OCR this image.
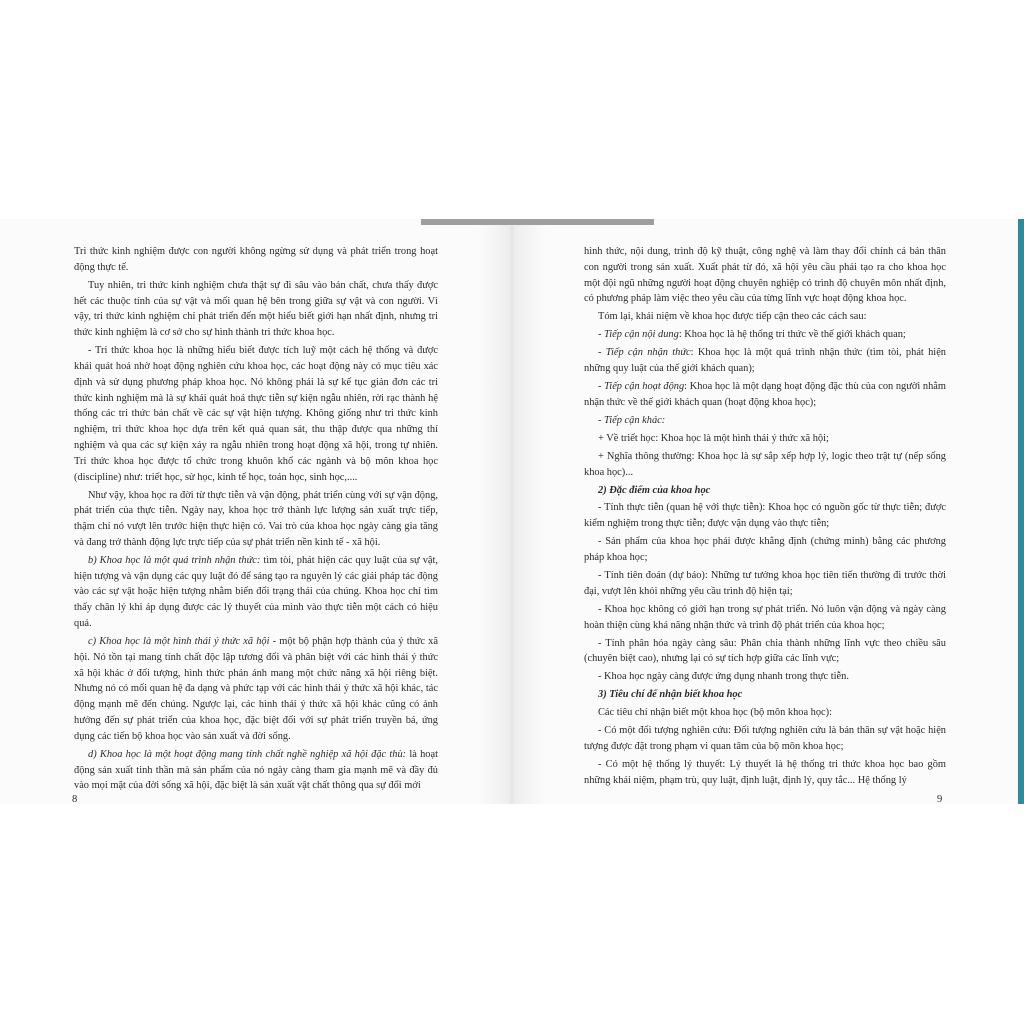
Tri thức kinh nghiệm được con người không ngừng sử dụng và phát triển trong hoạt động thực tế.

Tuy nhiên, tri thức kinh nghiệm chưa thật sự đi sâu vào bản chất, chưa thấy được hết các thuộc tính của sự vật và mối quan hệ bên trong giữa sự vật và con người. Vì vậy, tri thức kinh nghiệm chỉ phát triển đến một hiểu biết giới hạn nhất định, nhưng tri thức kinh nghiệm là cơ sở cho sự hình thành tri thức khoa học.

- Tri thức khoa học là những hiểu biết được tích luỹ một cách hệ thống và được khái quát hoá nhờ hoạt động nghiên cứu khoa học, các hoạt động này có mục tiêu xác định và sử dụng phương pháp khoa học. Nó không phải là sự kế tục giản đơn các tri thức kinh nghiệm mà là sự khái quát hoá thực tiễn sự kiện ngẫu nhiên, rời rạc thành hệ thống các tri thức bản chất về các sự vật hiện tượng. Không giống như tri thức kinh nghiệm, tri thức khoa học dựa trên kết quả quan sát, thu thập được qua những thí nghiệm và qua các sự kiện xảy ra ngẫu nhiên trong hoạt động xã hội, trong tự nhiên. Tri thức khoa học được tổ chức trong khuôn khổ các ngành và bộ môn khoa học (discipline) như: triết học, sử học, kinh tế học, toán học, sinh học,....

Như vậy, khoa học ra đời từ thực tiễn và vận động, phát triển cùng với sự vận động, phát triển của thực tiễn. Ngày nay, khoa học trở thành lực lượng sản xuất trực tiếp, thậm chí nó vượt lên trước hiện thực hiện có. Vai trò của khoa học ngày càng gia tăng và đang trở thành động lực trực tiếp của sự phát triển nền kinh tế - xã hội.

b) Khoa học là một quá trình nhận thức: tìm tòi, phát hiện các quy luật của sự vật, hiện tượng và vận dụng các quy luật đó để sáng tạo ra nguyên lý các giải pháp tác động vào các sự vật hoặc hiện tượng nhằm biến đổi trạng thái của chúng. Khoa học chỉ tìm thấy chân lý khi áp dụng được các lý thuyết của mình vào thực tiễn một cách có hiệu quả.

c) Khoa học là một hình thái ý thức xã hội - một bộ phận hợp thành của ý thức xã hội. Nó tồn tại mang tính chất độc lập tương đối và phân biệt với các hình thái ý thức xã hội khác ở đối tượng, hình thức phản ánh mang một chức năng xã hội riêng biệt. Nhưng nó có mối quan hệ đa dạng và phức tạp với các hình thái ý thức xã hội khác, tác động mạnh mẽ đến chúng. Ngược lại, các hình thái ý thức xã hội khác cũng có ảnh hưởng đến sự phát triển của khoa học, đặc biệt đối với sự phát triển truyền bá, ứng dụng các tiến bộ khoa học vào sản xuất và đời sống.

d) Khoa học là một hoạt động mang tính chất nghề nghiệp xã hội đặc thù: là hoạt động sản xuất tinh thần mà sản phẩm của nó ngày càng tham gia mạnh mẽ và đầy đủ vào mọi mặt của đời sống xã hội, đặc biệt là sản xuất vật chất thông qua sự đổi mới

hình thức, nội dung, trình độ kỹ thuật, công nghệ và làm thay đổi chính cả bản thân con người trong sản xuất. Xuất phát từ đó, xã hội yêu cầu phải tạo ra cho khoa học một đội ngũ những người hoạt động chuyên nghiệp có trình độ chuyên môn nhất định, có phương pháp làm việc theo yêu cầu của từng lĩnh vực hoạt động khoa học.

Tóm lại, khái niệm về khoa học được tiếp cận theo các cách sau:

- Tiếp cận nội dung: Khoa học là hệ thống tri thức về thế giới khách quan;

- Tiếp cận nhận thức: Khoa học là một quá trình nhận thức (tìm tòi, phát hiện những quy luật của thế giới khách quan);

- Tiếp cận hoạt động: Khoa học là một dạng hoạt động đặc thù của con người nhằm nhận thức về thế giới khách quan (hoạt động khoa học);

- Tiếp cận khác:

+ Về triết học: Khoa học là một hình thái ý thức xã hội;

+ Nghĩa thông thường: Khoa học là sự sắp xếp hợp lý, logic theo trật tự (nếp sống khoa học)...

2) Đặc điểm của khoa học

- Tính thực tiễn (quan hệ với thực tiễn): Khoa học có nguồn gốc từ thực tiễn; được kiểm nghiệm trong thực tiễn; được vận dụng vào thực tiễn;

- Sản phẩm của khoa học phải được khẳng định (chứng minh) bằng các phương pháp khoa học;

- Tính tiên đoán (dự báo): Những tư tưởng khoa học tiên tiến thường đi trước thời đại, vượt lên khỏi những yêu cầu trình độ hiện tại;

- Khoa học không có giới hạn trong sự phát triển. Nó luôn vận động và ngày càng hoàn thiện cùng khả năng nhận thức và trình độ phát triển của khoa học;

- Tính phân hóa ngày càng sâu: Phân chia thành những lĩnh vực theo chiều sâu (chuyên biệt cao), nhưng lại có sự tích hợp giữa các lĩnh vực;

- Khoa học ngày càng được ứng dụng nhanh trong thực tiễn.

3) Tiêu chí để nhận biết khoa học

Các tiêu chí nhận biết một khoa học (bộ môn khoa học):

- Có một đối tượng nghiên cứu: Đối tượng nghiên cứu là bản thân sự vật hoặc hiện tượng được đặt trong phạm vi quan tâm của bộ môn khoa học;

- Có một hệ thống lý thuyết: Lý thuyết là hệ thống tri thức khoa học bao gồm những khái niệm, phạm trù, quy luật, định luật, định lý, quy tắc... Hệ thống lý

8	9
